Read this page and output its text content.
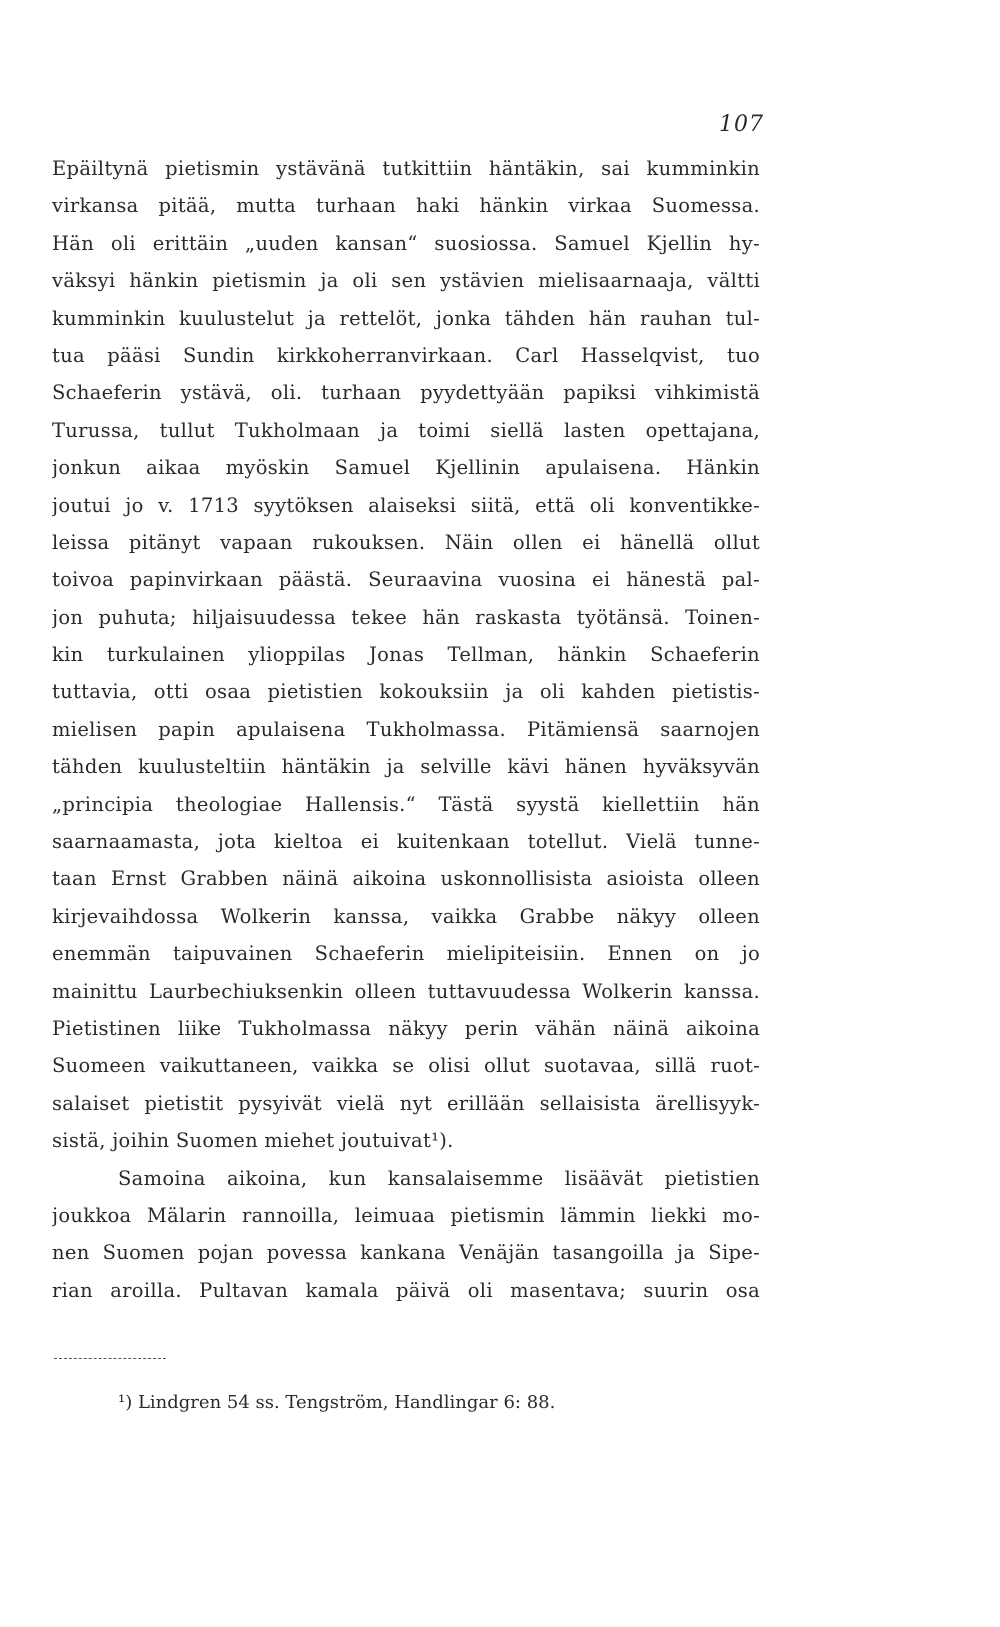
107
Epäiltynä pietismin ystävänä tutkittiin häntäkin, sai kumminkin
virkansa pitää, mutta turhaan haki hänkin virkaa Suomessa.
Hän oli erittäin „uuden kansan“ suosiossa. Samuel Kjellin hy-
väksyi hänkin pietismin ja oli sen ystävien mielisaarnaaja, vältti
kumminkin kuulustelut ja rettelöt, jonka tähden hän rauhan tul-
tua pääsi Sundin kirkkoherranvirkaan. Carl Hasselqvist, tuo
Schaeferin ystävä, oli. turhaan pyydettyään papiksi vihkimistä
Turussa, tullut Tukholmaan ja toimi siellä lasten opettajana,
jonkun aikaa myöskin Samuel Kjellinin apulaisena. Hänkin
joutui jo v. 1713 syytöksen alaiseksi siitä, että oli konventikke-
leissa pitänyt vapaan rukouksen. Näin ollen ei hänellä ollut
toivoa papinvirkaan päästä. Seuraavina vuosina ei hänestä pal-
jon puhuta; hiljaisuudessa tekee hän raskasta työtänsä. Toinen-
kin turkulainen ylioppilas Jonas Tellman, hänkin Schaeferin
tuttavia, otti osaa pietistien kokouksiin ja oli kahden pietistis-
mielisen papin apulaisena Tukholmassa. Pitämiensä saarnojen
tähden kuulusteltiin häntäkin ja selville kävi hänen hyväksyvän
„principia theologiae Hallensis.“ Tästä syystä kiellettiin hän
saarnaamasta, jota kieltoa ei kuitenkaan totellut. Vielä tunne-
taan Ernst Grabben näinä aikoina uskonnollisista asioista olleen
kirjevaihdossa Wolkerin kanssa, vaikka Grabbe näkyy olleen
enemmän taipuvainen Schaeferin mielipiteisiin. Ennen on jo
mainittu Laurbechiuksenkin olleen tuttavuudessa Wolkerin kanssa.
Pietistinen liike Tukholmassa näkyy perin vähän näinä aikoina
Suomeen vaikuttaneen, vaikka se olisi ollut suotavaa, sillä ruot-
salaiset pietistit pysyivät vielä nyt erillään sellaisista ärellisyyk-
sistä, joihin Suomen miehet joutuivat¹).
Samoina aikoina, kun kansalaisemme lisäävät pietistien
joukkoa Mälarin rannoilla, leimuaa pietismin lämmin liekki mo-
nen Suomen pojan povessa kankana Venäjän tasangoilla ja Sipe-
rian aroilla. Pultavan kamala päivä oli masentava; suurin osa
¹) Lindgren 54 ss. Tengström, Handlingar 6: 88.
